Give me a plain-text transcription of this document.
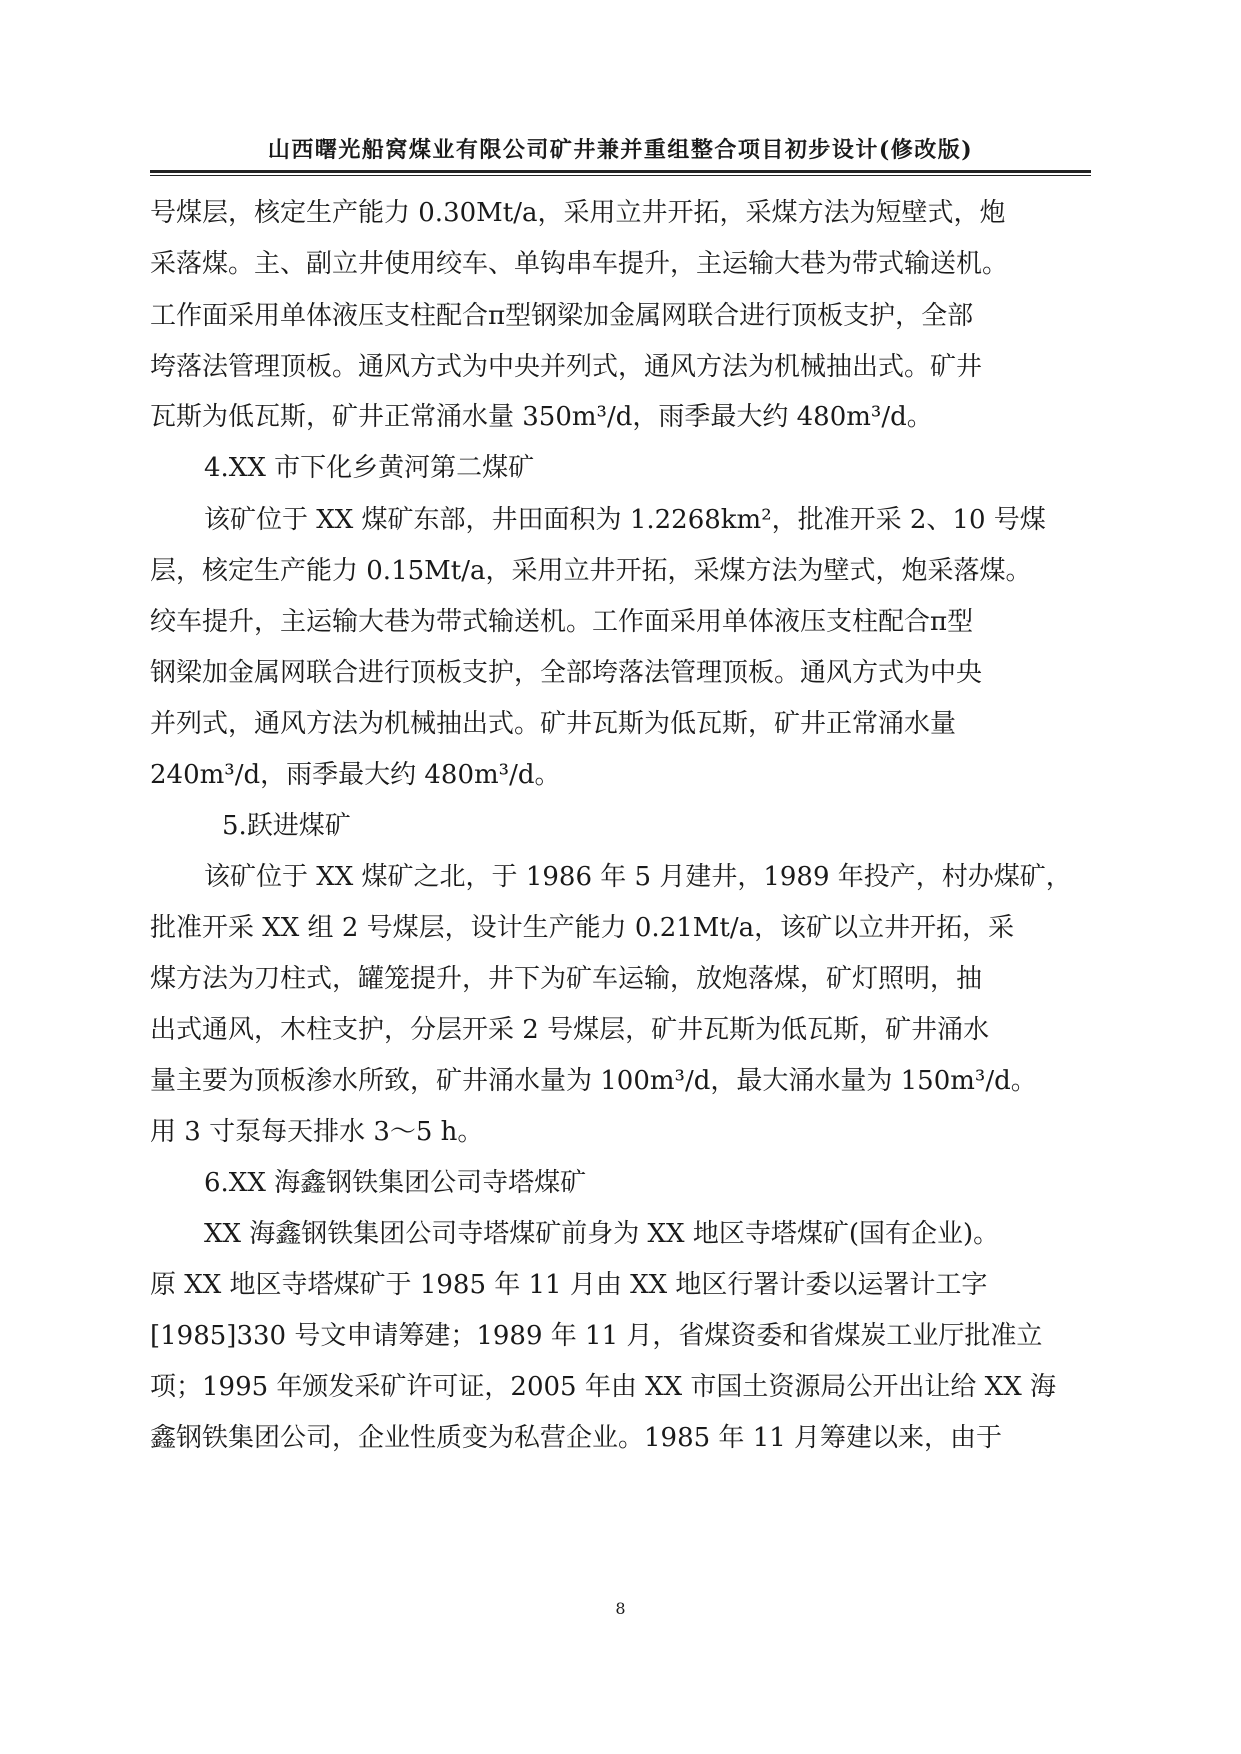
山西曙光船窝煤业有限公司矿井兼并重组整合项目初步设计(修改版)

号煤层，核定生产能力 0.30Mt/a，采用立井开拓，采煤方法为短壁式，炮

采落煤。主、副立井使用绞车、单钩串车提升，主运输大巷为带式输送机。

工作面采用单体液压支柱配合π型钢梁加金属网联合进行顶板支护，全部

垮落法管理顶板。通风方式为中央并列式，通风方法为机械抽出式。矿井

瓦斯为低瓦斯，矿井正常涌水量 350m³/d，雨季最大约 480m³/d。

4.XX 市下化乡黄河第二煤矿

该矿位于 XX 煤矿东部，井田面积为 1.2268km²，批准开采 2、10 号煤

层，核定生产能力 0.15Mt/a，采用立井开拓，采煤方法为壁式，炮采落煤。

绞车提升，主运输大巷为带式输送机。工作面采用单体液压支柱配合π型

钢梁加金属网联合进行顶板支护，全部垮落法管理顶板。通风方式为中央

并列式，通风方法为机械抽出式。矿井瓦斯为低瓦斯，矿井正常涌水量

240m³/d，雨季最大约 480m³/d。

5.跃进煤矿

该矿位于 XX 煤矿之北，于 1986 年 5 月建井，1989 年投产，村办煤矿，

批准开采 XX 组 2 号煤层，设计生产能力 0.21Mt/a，该矿以立井开拓，采

煤方法为刀柱式，罐笼提升，井下为矿车运输，放炮落煤，矿灯照明，抽

出式通风，木柱支护，分层开采 2 号煤层，矿井瓦斯为低瓦斯，矿井涌水

量主要为顶板渗水所致，矿井涌水量为 100m³/d，最大涌水量为 150m³/d。

用 3 寸泵每天排水 3～5 h。

6.XX 海鑫钢铁集团公司寺塔煤矿

XX 海鑫钢铁集团公司寺塔煤矿前身为 XX 地区寺塔煤矿(国有企业)。

原 XX 地区寺塔煤矿于 1985 年 11 月由 XX 地区行署计委以运署计工字

[1985]330 号文申请筹建；1989 年 11 月，省煤资委和省煤炭工业厅批准立

项；1995 年颁发采矿许可证，2005 年由 XX 市国土资源局公开出让给 XX 海

鑫钢铁集团公司，企业性质变为私营企业。1985 年 11 月筹建以来，由于

8
